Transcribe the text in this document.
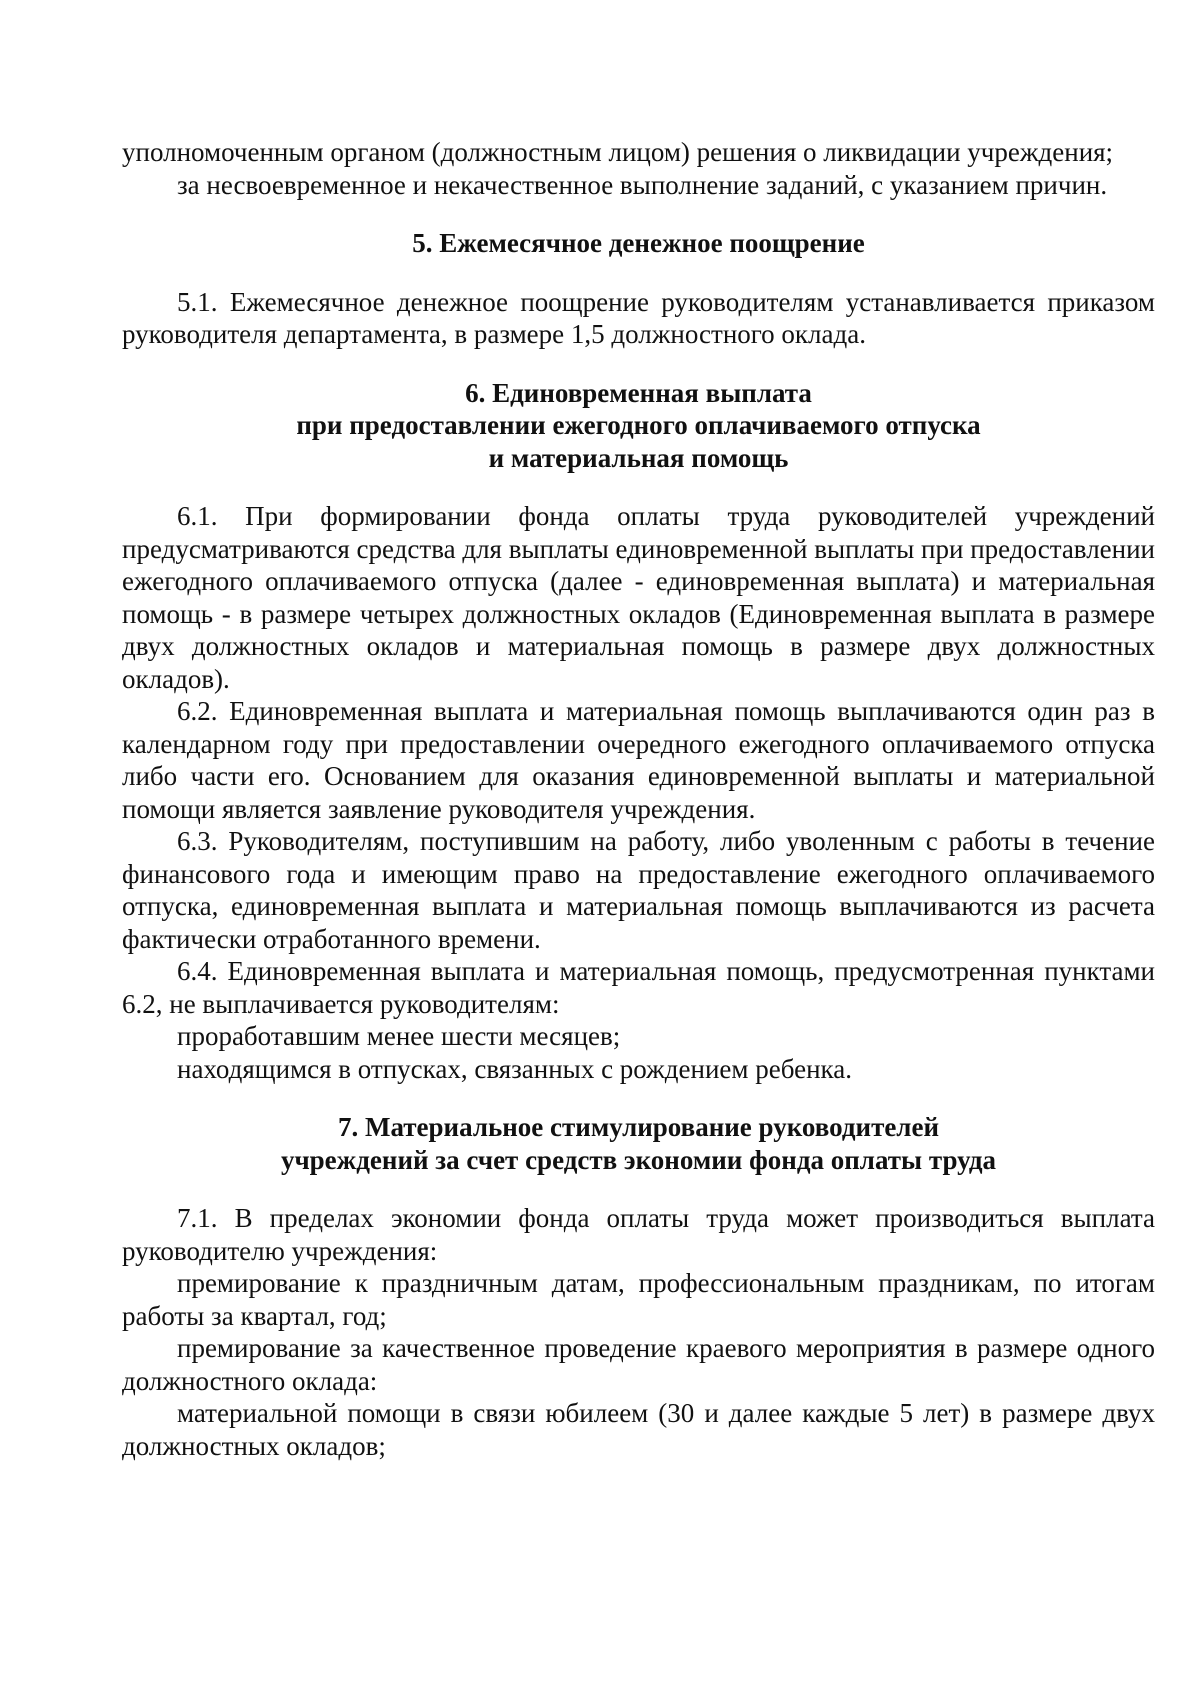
уполномоченным органом (должностным лицом) решения о ликвидации учреждения;

за несвоевременное и некачественное выполнение заданий, с указанием причин.

5. Ежемесячное денежное поощрение

5.1. Ежемесячное денежное поощрение руководителям устанавливается приказом руководителя департамента, в размере 1,5 должностного оклада.

6. Единовременная выплата
при предоставлении ежегодного оплачиваемого отпуска
и материальная помощь

6.1. При формировании фонда оплаты труда руководителей учреждений предусматриваются средства для выплаты единовременной выплаты при предоставлении ежегодного оплачиваемого отпуска (далее - единовременная выплата) и материальная помощь - в размере четырех должностных окладов (Единовременная выплата в размере двух должностных окладов и материальная помощь в размере двух должностных окладов).

6.2. Единовременная выплата и материальная помощь выплачиваются один раз в календарном году при предоставлении очередного ежегодного оплачиваемого отпуска либо части его. Основанием для оказания единовременной выплаты и материальной помощи является заявление руководителя учреждения.

6.3. Руководителям, поступившим на работу, либо уволенным с работы в течение финансового года и имеющим право на предоставление ежегодного оплачиваемого отпуска, единовременная выплата и материальная помощь выплачиваются из расчета фактически отработанного времени.

6.4. Единовременная выплата и материальная помощь, предусмотренная пунктами 6.2, не выплачивается руководителям:

проработавшим менее шести месяцев;

находящимся в отпусках, связанных с рождением ребенка.

7. Материальное стимулирование руководителей
учреждений за счет средств экономии фонда оплаты труда

7.1. В пределах экономии фонда оплаты труда может производиться выплата руководителю учреждения:

премирование к праздничным датам, профессиональным праздникам, по итогам работы за квартал, год;

премирование за качественное проведение краевого мероприятия в размере одного должностного оклада:

материальной помощи в связи юбилеем (30 и далее каждые 5 лет) в размере двух должностных окладов;
